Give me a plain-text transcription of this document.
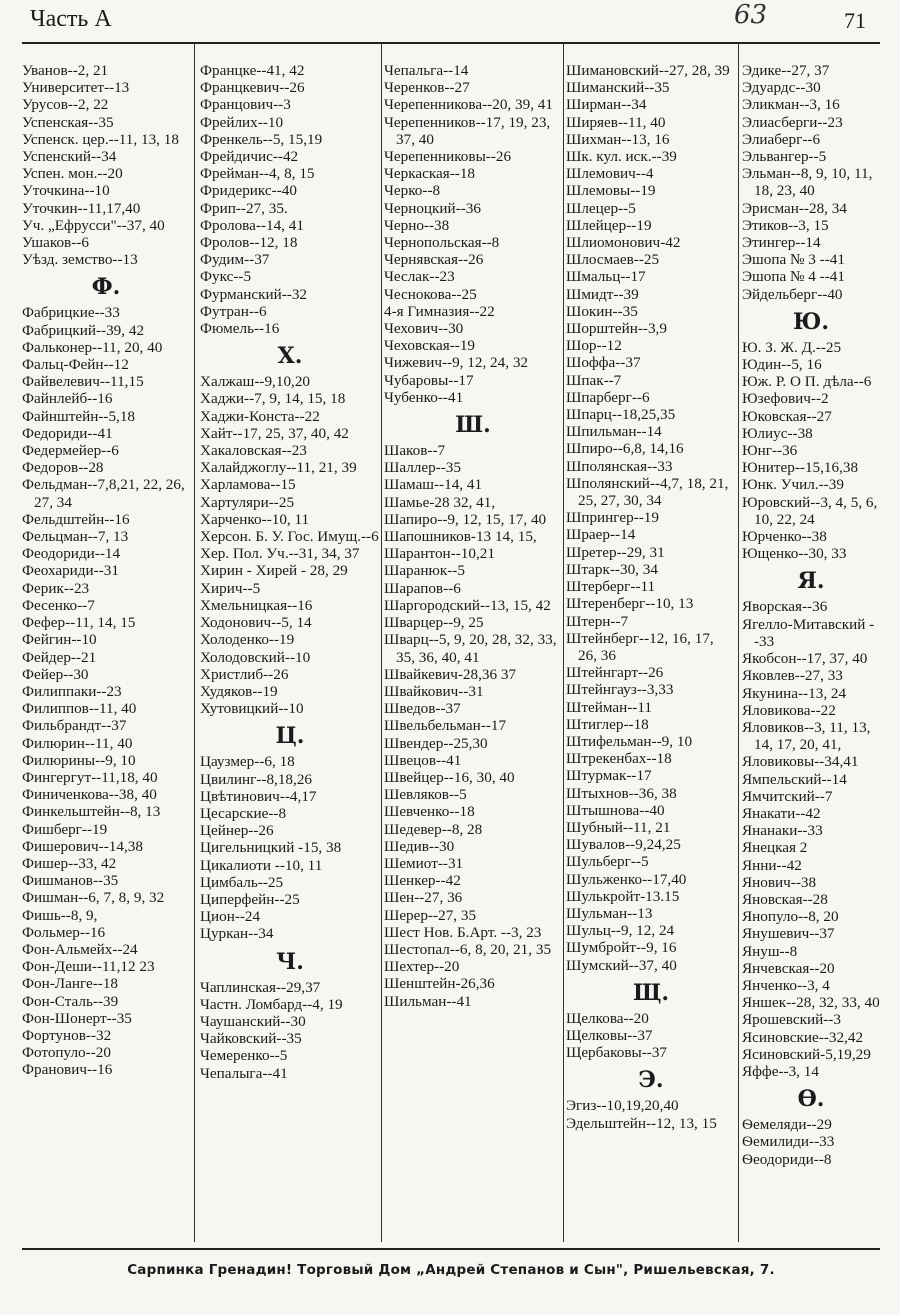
Часть А	63	71
Уванов--2, 21
Университет--13
Урусов--2, 22
Успенская--35
Успенск. цер.--11, 13, 18
Успенский--34
Успен. мон.--20
Уточкина--10
Уточкин--11,17,40
Уч. „Ефрусси"--37, 40
Ушаков--6
Уѣзд. земство--13
Ф.
Фабрицкие--33
Фабрицкий--39, 42
Фальконер--11, 20, 40
Фальц-Фейн--12
Файвелевич--11,15
Файнлейб--16
Файнштейн--5,18
Федориди--41
Федермейер--6
Федоров--28
Фельдман--7,8,21, 22, 26, 27, 34
Фельдштейн--16
Фельцман--7, 13
Феодориди--14
Феохариди--31
Ферик--23
Фесенко--7
Фефер--11, 14, 15
Фейгин--10
Фейдер--21
Фейер--30
Филиппаки--23
Филиппов--11, 40
Фильбрандт--37
Филюрин--11, 40
Филюрины--9, 10
Фингергут--11,18, 40
Финиченкова--38, 40
Финкельштейн--8, 13
Фишберг--19
Фишерович--14,38
Фишер--33, 42
Фишманов--35
Фишман--6, 7, 8, 9, 32
Фишь--8, 9,
Фольмер--16
Фон-Альмейх--24
Фон-Деши--11,12 23
Фон-Ланге--18
Фон-Сталь--39
Фон-Шонерт--35
Фортунов--32
Фотопуло--20
Франович--16
Францке--41, 42
Францкевич--26
Францович--3
Фрейлих--10
Френкель--5, 15,19
Фрейдичис--42
Фрейман--4, 8, 15
Фридерикс--40
Фрип--27, 35.
Фролова--14, 41
Фролов--12, 18
Фудим--37
Фукс--5
Фурманский--32
Футран--6
Фюмель--16
Х.
Халжаш--9,10,20
Хаджи--7, 9, 14, 15, 18
Хаджи-Конста--22
Хайт--17, 25, 37, 40, 42
Хакаловская--23
Халайджоглу--11, 21, 39
Харламова--15
Хартуляри--25
Харченко--10, 11
Херсон. Б. У. Гос. Имущ.--6
Хер. Пол. Уч.--31, 34, 37
Хирин - Хирей - 28, 29
Хирич--5
Хмельницкая--16
Ходонович--5, 14
Холоденко--19
Холодовский--10
Христлиб--26
Худяков--19
Хутовицкий--10
Ц.
Цаузмер--6, 18
Цвилинг--8,18,26
Цвѣтинович--4,17
Цесарские--8
Цейнер--26
Цигельницкий -15, 38
Цикалиоти --10, 11
Цимбаль--25
Циперфейн--25
Цион--24
Цуркан--34
Ч.
Чаплинская--29,37
Частн. Ломбард--4, 19
Чаушанский--30
Чайковский--35
Чемеренко--5
Чепалыга--41
Чепальга--14
Черенков--27
Черепенникова--20, 39, 41
Черепенников--17, 19, 23, 37, 40
Черепенниковы--26
Черкаская--18
Черко--8
Черноцкий--36
Черно--38
Чернопольская--8
Чернявская--26
Чеслак--23
Чеснокова--25
4-я Гимназия--22
Чехович--30
Чеховская--19
Чижевич--9, 12, 24, 32
Чубаровы--17
Чубенко--41
Ш.
Шаков--7
Шаллер--35
Шамаш--14, 41
Шамье-28 32, 41,
Шапиро--9, 12, 15, 17, 40
Шапошников-13 14, 15,
Шарантон--10,21
Шаранюк--5
Шарапов--6
Шаргородский--13, 15, 42
Шварцер--9, 25
Шварц--5, 9, 20, 28, 32, 33, 35, 36, 40, 41
Швайкевич-28,36 37
Швайкович--31
Шведов--37
Швельбельман--17
Швендер--25,30
Швецов--41
Швейцер--16, 30, 40
Шевляков--5
Шевченко--18
Шедевер--8, 28
Шедив--30
Шемиот--31
Шенкер--42
Шен--27, 36
Шерер--27, 35
Шест Нов. Б.Арт. --3, 23
Шестопал--6, 8, 20, 21, 35
Шехтер--20
Шенштейн-26,36
Шильман--41
Шимановский--27, 28, 39
Шиманский--35
Ширман--34
Ширяев--11, 40
Шихман--13, 16
Шк. кул. иск.--39
Шлемович--4
Шлемовы--19
Шлецер--5
Шлейцер--19
Шлиомонович-42
Шлосмаев--25
Шмальц--17
Шмидт--39
Шокин--35
Шорштейн--3,9
Шор--12
Шоффа--37
Шпак--7
Шпарберг--6
Шпарц--18,25,35
Шпильман--14
Шпиро--6,8, 14,16
Шполянская--33
Шполянский--4,7, 18, 21, 25, 27, 30, 34
Шпрингер--19
Шраер--14
Шретер--29, 31
Штарк--30, 34
Штерберг--11
Штеренберг--10, 13
Штерн--7
Штейнберг--12, 16, 17, 26, 36
Штейнгарт--26
Штейнгауз--3,33
Штейман--11
Штиглер--18
Штифельман--9, 10
Штрекенбах--18
Штурмак--17
Штыхнов--36, 38
Штышнова--40
Шубный--11, 21
Шувалов--9,24,25
Шульберг--5
Шульженко--17,40
Шулькройт-13.15
Шульман--13
Шульц--9, 12, 24
Шумбройт--9, 16
Шумский--37, 40
Щ.
Щелкова--20
Щелковы--37
Щербаковы--37
Э.
Эгиз--10,19,20,40
Эдельштейн--12, 13, 15
Эдике--27, 37
Эдуардс--30
Эликман--3, 16
Элиасберги--23
Элиаберг--6
Эльвангер--5
Эльман--8, 9, 10, 11, 18, 23, 40
Эрисман--28, 34
Этиков--3, 15
Этингер--14
Эшопа № 3 --41
Эшопа № 4 --41
Эйдельберг--40
Ю.
Ю. З. Ж. Д.--25
Юдин--5, 16
Юж. Р. О П. дѣла--6
Юзефович--2
Юковская--27
Юлиус--38
Юнг--36
Юнитер--15,16,38
Юнк. Учил.--39
Юровский--3, 4, 5, 6, 10, 22, 24
Юрченко--38
Ющенко--30, 33
Я.
Яворская--36
Ягелло-Митавский --33
Якобсон--17, 37, 40
Яковлев--27, 33
Якунина--13, 24
Яловикова--22
Яловиков--3, 11, 13, 14, 17, 20, 41,
Яловиковы--34,41
Ямпельский--14
Ямчитский--7
Янакати--42
Янанаки--33
Янецкая 2
Янни--42
Янович--38
Яновская--28
Янопуло--8, 20
Янушевич--37
Януш--8
Янчевская--20
Янченко--3, 4
Яншек--28, 32, 33, 40
Ярошевский--3
Ясиновские--32,42
Ясиновский-5,19,29
Яффе--3, 14
Ѳ.
Ѳемеляди--29
Ѳемилиди--33
Ѳеодориди--8
Сарпинка Гренадин! Торговый Дом „Андрей Степанов и Сын", Ришельевская, 7.
